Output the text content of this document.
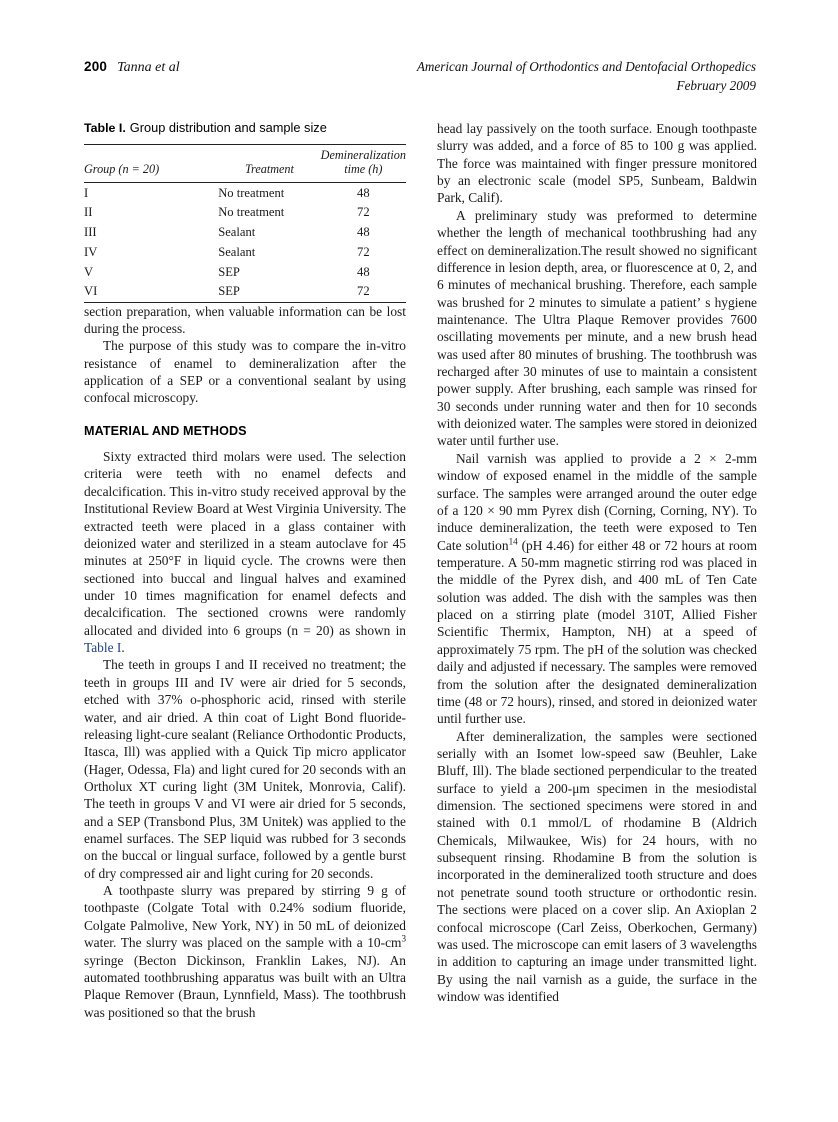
200 Tanna et al	American Journal of Orthodontics and Dentofacial Orthopedics
February 2009
Table I. Group distribution and sample size
Group (n = 20)	Treatment	Demineralization
time (h)
I	No treatment	48
II	No treatment	72
III	Sealant	48
IV	Sealant	72
V	SEP	48
VI	SEP	72

section preparation, when valuable information can be lost during the process.

The purpose of this study was to compare the in-vitro resistance of enamel to demineralization after the application of a SEP or a conventional sealant by using confocal microscopy.

MATERIAL AND METHODS

Sixty extracted third molars were used. The selection criteria were teeth with no enamel defects and decalcification. This in-vitro study received approval by the Institutional Review Board at West Virginia University. The extracted teeth were placed in a glass container with deionized water and sterilized in a steam autoclave for 45 minutes at 250°F in liquid cycle. The crowns were then sectioned into buccal and lingual halves and examined under 10 times magnification for enamel defects and decalcification. The sectioned crowns were randomly allocated and divided into 6 groups (n = 20) as shown in Table I.

The teeth in groups I and II received no treatment; the teeth in groups III and IV were air dried for 5 seconds, etched with 37% o-phosphoric acid, rinsed with sterile water, and air dried. A thin coat of Light Bond fluoride-releasing light-cure sealant (Reliance Orthodontic Products, Itasca, Ill) was applied with a Quick Tip micro applicator (Hager, Odessa, Fla) and light cured for 20 seconds with an Ortholux XT curing light (3M Unitek, Monrovia, Calif). The teeth in groups V and VI were air dried for 5 seconds, and a SEP (Transbond Plus, 3M Unitek) was applied to the enamel surfaces. The SEP liquid was rubbed for 3 seconds on the buccal or lingual surface, followed by a gentle burst of dry compressed air and light curing for 20 seconds.

A toothpaste slurry was prepared by stirring 9 g of toothpaste (Colgate Total with 0.24% sodium fluoride, Colgate Palmolive, New York, NY) in 50 mL of deionized water. The slurry was placed on the sample with a $10-cm^3$ syringe (Becton Dickinson, Franklin Lakes, NJ). An automated toothbrushing apparatus was built with an Ultra Plaque Remover (Braun, Lynnfield, Mass). The toothbrush was positioned so that the brush

head lay passively on the tooth surface. Enough toothpaste slurry was added, and a force of 85 to 100 g was applied. The force was maintained with finger pressure monitored by an electronic scale (model SP5, Sunbeam, Baldwin Park, Calif).

A preliminary study was preformed to determine whether the length of mechanical toothbrushing had any effect on demineralization.The result showed no significant difference in lesion depth, area, or fluorescence at 0, 2, and 6 minutes of mechanical brushing. Therefore, each sample was brushed for 2 minutes to simulate a patientʼ s hygiene maintenance. The Ultra Plaque Remover provides 7600 oscillating movements per minute, and a new brush head was used after 80 minutes of brushing. The toothbrush was recharged after 30 minutes of use to maintain a consistent power supply. After brushing, each sample was rinsed for 30 seconds under running water and then for 10 seconds with deionized water. The samples were stored in deionized water until further use.

Nail varnish was applied to provide a 2 × 2-mm window of exposed enamel in the middle of the sample surface. The samples were arranged around the outer edge of a 120 × 90 mm Pyrex dish (Corning, Corning, NY). To induce demineralization, the teeth were exposed to Ten Cate solution$^{14}$ (pH 4.46) for either 48 or 72 hours at room temperature. A 50-mm magnetic stirring rod was placed in the middle of the Pyrex dish, and 400 mL of Ten Cate solution was added. The dish with the samples was then placed on a stirring plate (model 310T, Allied Fisher Scientific Thermix, Hampton, NH) at a speed of approximately 75 rpm. The pH of the solution was checked daily and adjusted if necessary. The samples were removed from the solution after the designated demineralization time (48 or 72 hours), rinsed, and stored in deionized water until further use.

After demineralization, the samples were sectioned serially with an Isomet low-speed saw (Beuhler, Lake Bluff, Ill). The blade sectioned perpendicular to the treated surface to yield a 200-μm specimen in the mesiodistal dimension. The sectioned specimens were stored in and stained with 0.1 mmol/L of rhodamine B (Aldrich Chemicals, Milwaukee, Wis) for 24 hours, with no subsequent rinsing. Rhodamine B from the solution is incorporated in the demineralized tooth structure and does not penetrate sound tooth structure or orthodontic resin. The sections were placed on a cover slip. An Axioplan 2 confocal microscope (Carl Zeiss, Oberkochen, Germany) was used. The microscope can emit lasers of 3 wavelengths in addition to capturing an image under transmitted light. By using the nail varnish as a guide, the surface in the window was identified
